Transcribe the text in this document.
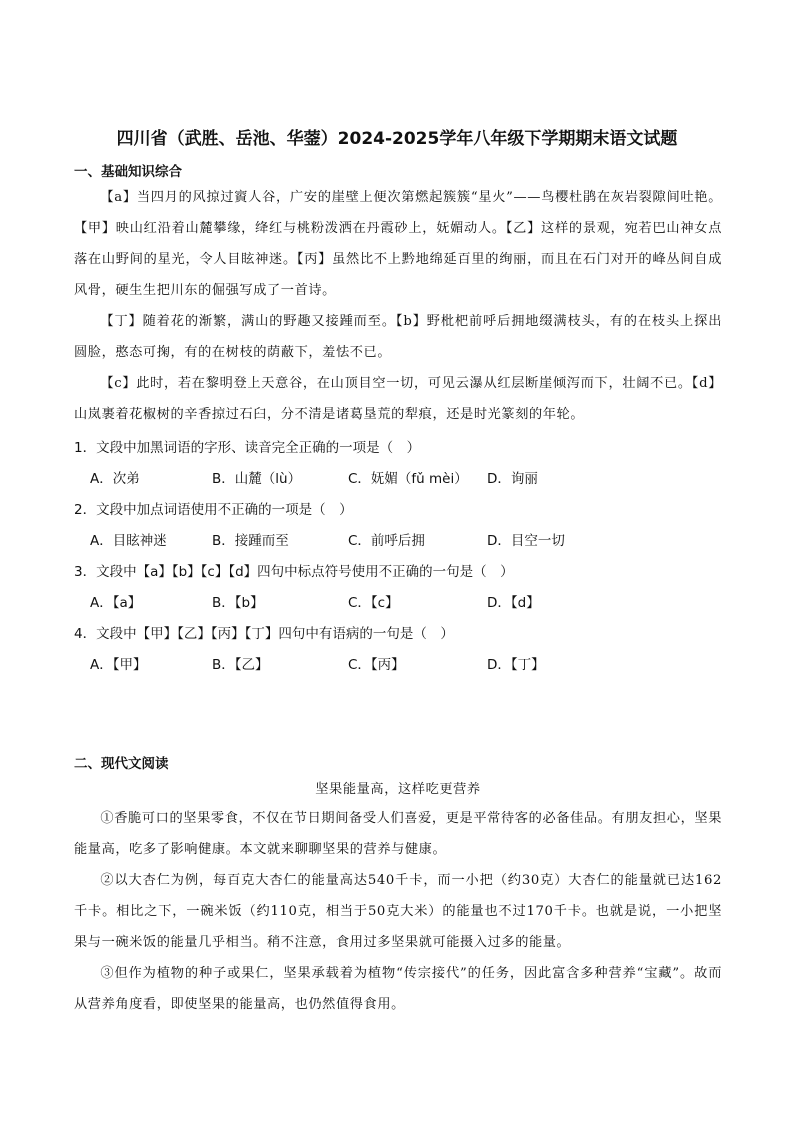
四川省（武胜、岳池、华蓥）2024-2025学年八年级下学期期末语文试题
一、基础知识综合
【a】当四月的风掠过賨人谷，广安的崖壁上便次第燃起簇簇“星火”——鸟樱杜鹃在灰岩裂隙间吐艳。【甲】映山红沿着山麓攀缘，绛红与桃粉泼洒在丹霞砂上，妩媚动人。【乙】这样的景观，宛若巴山神女点落在山野间的星光，令人目眩神迷。【丙】虽然比不上黔地绵延百里的绚丽，而且在石门对开的峰丛间自成风骨，硬生生把川东的倔强写成了一首诗。
【丁】随着花的渐繁，满山的野趣又接踵而至。【b】野枇杷前呼后拥地缀满枝头，有的在枝头上探出圆脸，憨态可掬，有的在树枝的荫蔽下，羞怯不已。
【c】此时，若在黎明登上天意谷，在山顶目空一切，可见云瀑从红层断崖倾泻而下，壮阔不已。【d】山岚裹着花椒树的辛香掠过石臼，分不清是诸葛垦荒的犁痕，还是时光篆刻的年轮。
1．文段中加黑词语的字形、读音完全正确的一项是（　）
A．次弟	B．山麓（lù）	C．妩媚（fǔ mèi） D．询丽
2．文段中加点词语使用不正确的一项是（　）
A．目眩神迷	B．接踵而至	C．前呼后拥	D．目空一切
3．文段中【a】【b】【c】【d】四句中标点符号使用不正确的一句是（　）
A．【a】	B．【b】	C．【c】	D．【d】
4．文段中【甲】【乙】【丙】【丁】四句中有语病的一句是（　）
A．【甲】	B．【乙】	C．【丙】	D．【丁】
二、现代文阅读
坚果能量高，这样吃更营养
①香脆可口的坚果零食，不仅在节日期间备受人们喜爱，更是平常待客的必备佳品。有朋友担心，坚果能量高，吃多了影响健康。本文就来聊聊坚果的营养与健康。
②以大杏仁为例，每百克大杏仁的能量高达540千卡，而一小把（约30克）大杏仁的能量就已达162千卡。相比之下，一碗米饭（约110克，相当于50克大米）的能量也不过170千卡。也就是说，一小把坚果与一碗米饭的能量几乎相当。稍不注意，食用过多坚果就可能摄入过多的能量。
③但作为植物的种子或果仁，坚果承载着为植物“传宗接代”的任务，因此富含多种营养“宝藏”。故而从营养角度看，即使坚果的能量高，也仍然值得食用。
